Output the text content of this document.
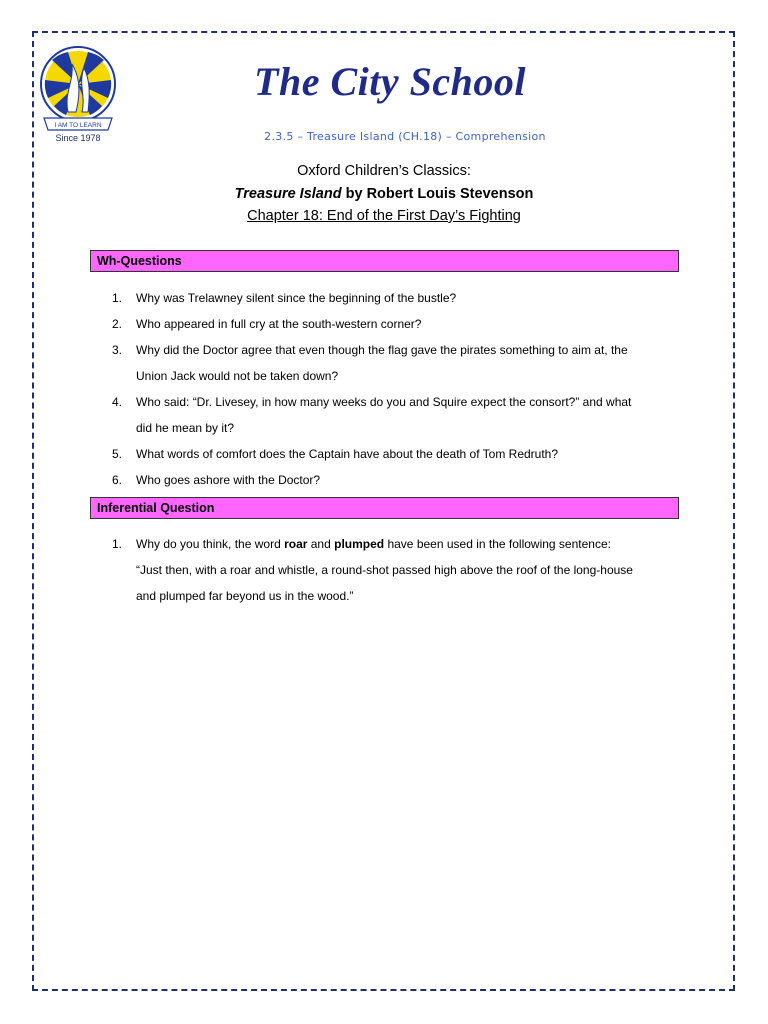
I AM TO LEARN
Since 1978
The City School
2.3.5 – Treasure Island (CH.18) – Comprehension
Oxford Children’s Classics:
Treasure Island by Robert Louis Stevenson
Chapter 18: End of the First Day’s Fighting
Wh-Questions
1. Why was Trelawney silent since the beginning of the bustle?
2. Who appeared in full cry at the south-western corner?
3. Why did the Doctor agree that even though the flag gave the pirates something to aim at, the
Union Jack would not be taken down?
4. Who said: “Dr. Livesey, in how many weeks do you and Squire expect the consort?” and what
did he mean by it?
5. What words of comfort does the Captain have about the death of Tom Redruth?
6. Who goes ashore with the Doctor?
Inferential Question
1. Why do you think, the word roar and plumped have been used in the following sentence:
“Just then, with a roar and whistle, a round-shot passed high above the roof of the long-house
and plumped far beyond us in the wood.”
